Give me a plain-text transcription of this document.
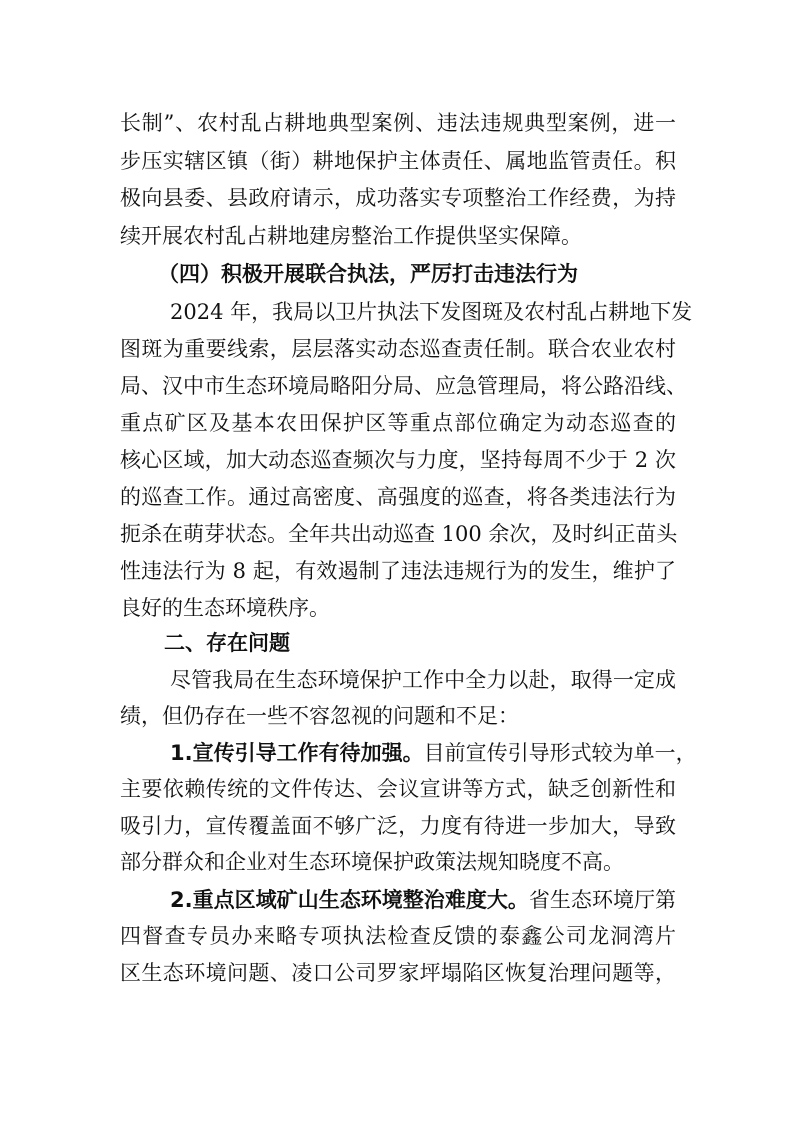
长制”、农村乱占耕地典型案例、违法违规典型案例，进一
步压实辖区镇（街）耕地保护主体责任、属地监管责任。积
极向县委、县政府请示，成功落实专项整治工作经费，为持
续开展农村乱占耕地建房整治工作提供坚实保障。
（四）积极开展联合执法，严厉打击违法行为
2024 年，我局以卫片执法下发图斑及农村乱占耕地下发
图斑为重要线索，层层落实动态巡查责任制。联合农业农村
局、汉中市生态环境局略阳分局、应急管理局，将公路沿线、
重点矿区及基本农田保护区等重点部位确定为动态巡查的
核心区域，加大动态巡查频次与力度，坚持每周不少于 2 次
的巡查工作。通过高密度、高强度的巡查，将各类违法行为
扼杀在萌芽状态。全年共出动巡查 100 余次，及时纠正苗头
性违法行为 8 起，有效遏制了违法违规行为的发生，维护了
良好的生态环境秩序。
二、存在问题
尽管我局在生态环境保护工作中全力以赴，取得一定成
绩，但仍存在一些不容忽视的问题和不足：
1.宣传引导工作有待加强。目前宣传引导形式较为单一，
主要依赖传统的文件传达、会议宣讲等方式，缺乏创新性和
吸引力，宣传覆盖面不够广泛，力度有待进一步加大，导致
部分群众和企业对生态环境保护政策法规知晓度不高。
2.重点区域矿山生态环境整治难度大。省生态环境厅第
四督查专员办来略专项执法检查反馈的泰鑫公司龙洞湾片
区生态环境问题、凌口公司罗家坪塌陷区恢复治理问题等，
